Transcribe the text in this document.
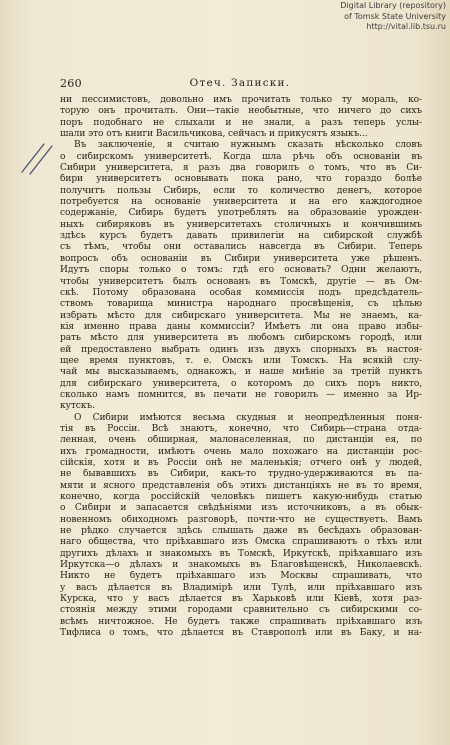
Digital Library (repository)
of Tomsk State University
http://vital.lib.tsu.ru
260	Отеч. Записки.
ни пессимистовъ, довольно имъ прочитать только ту мораль, ко-
торую онъ прочиталъ. Они—такіе необытные, что ничего до сихъ
поръ подобнаго не слыхали и не знали, а разъ теперь услы-
шали это отъ книги Васильчикова, сейчасъ и прикусятъ языкъ...
Въ заключеніе, я считаю нужнымъ сказать нѣсколько словъ
о сибирскомъ университетѣ. Когда шла рѣчь объ основаніи въ
Сибири университета, я разъ два говорилъ о томъ, что въ Си-
бири университетъ основывать пока рано, что гораздо болѣе
получитъ пользы Сибирь, если то количество денегъ, которое
потребуется на основаніе университета и на его каждогодное
содержаніе, Сибирь будетъ употреблять на образованіе урожден-
ныхъ сибиряковъ въ университетахъ столичныхъ и кончившимъ
здѣсь курсъ будетъ давать привилегіи на сибирской службѣ
съ тѣмъ, чтобы они оставались навсегда въ Сибири. Теперь
вопросъ объ основаніи въ Сибири университета уже рѣшенъ.
Идутъ споры только о томъ: гдѣ его основать? Одни желаютъ,
чтобы университетъ былъ основанъ въ Томскѣ, другіе — въ Ом-
скѣ. Потому образована особая коммиссія подъ предсѣдатель-
ствомъ товарища министра народнаго просвѣщенія, съ цѣлью
избрать мѣсто для сибирскаго университета. Мы не знаемъ, ка-
кія именно права даны коммиссіи? Имѣетъ ли она право избы-
рать мѣсто для университета въ любомъ сибирскомъ городѣ, или
ей предоставлено выбрать одинъ изъ двухъ спорныхъ въ настоя-
щее время пунктовъ, т. е. Омскъ или Томскъ. На всякій слу-
чай мы высказываемъ, однакожъ, и наше мнѣніе за третій пунктъ
для сибирскаго университета, о которомъ до сихъ поръ никто,
сколько намъ помнится, въ печати не говорилъ — именно за Ир-
кутскъ.
О Сибири имѣются весьма скудныя и неопредѣленныя поня-
тія въ Россіи. Всѣ знаютъ, конечно, что Сибирь—страна отда-
ленная, очень обширная, малонаселенная, по дистанціи ея, по
ихъ громадности, имѣютъ очень мало похожаго на дистанціи рос-
сійскія, хотя и въ Россіи онѣ не маленькія; отчего онѣ у людей,
не бывавшихъ въ Сибири, какъ-то трудно-удерживаются въ па-
мяти и ясного представленія объ этихъ дистанціяхъ не въ то время,
конечно, когда россійскій человѣкъ пишетъ какую-нибудь статью
о Сибири и запасается свѣдѣніями изъ источниковъ, а въ обык-
новенномъ обиходномъ разговорѣ, почти-что не существуетъ. Вамъ
не рѣдко случается здѣсь слышать даже въ бесѣдахъ образован-
наго общества, что пріѣхавшаго изъ Омска спрашиваютъ о тѣхъ или
другихъ дѣлахъ и знакомыхъ въ Томскѣ, Иркутскѣ, пріѣхавшаго изъ
Иркутска—о дѣлахъ и знакомыхъ въ Благовѣщенскѣ, Николаевскѣ.
Никто не будетъ пріѣхавшаго изъ Москвы спрашивать, что
у васъ дѣлается въ Владимірѣ или Тулѣ, или пріѣхавшаго изъ
Курска, что у васъ дѣлается въ Харьковѣ или Кіевѣ, хотя раз-
стоянія между этими городами сравнительно съ сибирскими со-
всѣмъ ничтожное. Не будетъ также спрашивать пріѣхавшаго изъ
Тифлиса о томъ, что дѣлается въ Ставрополѣ или въ Баку, и на-
